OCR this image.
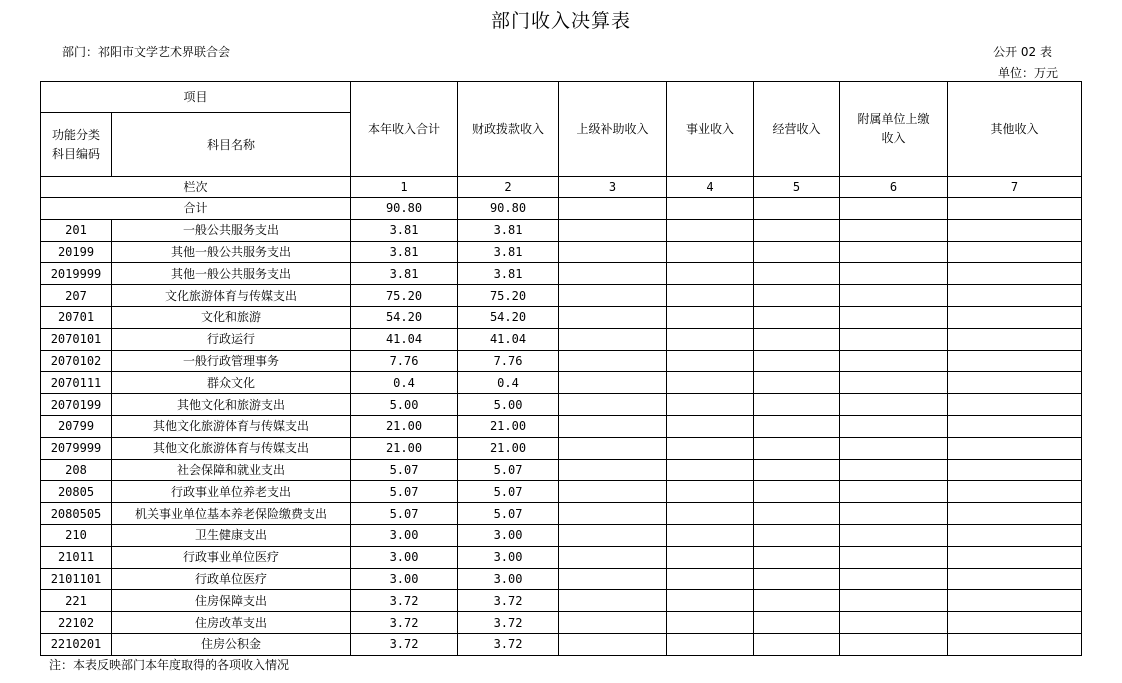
部门收入决算表
部门：祁阳市文学艺术界联合会	公开 02 表
单位：万元
项目		本年收入合计	财政拨款收入	上级补助收入	事业收入	经营收入	附属单位上缴收入	其他收入
功能分类科目编码	科目名称							
栏次		1	2	3	4	5	6	7
合计		90.80	90.80					
201	一般公共服务支出	3.81	3.81					
20199	其他一般公共服务支出	3.81	3.81					
2019999	其他一般公共服务支出	3.81	3.81					
207	文化旅游体育与传媒支出	75.20	75.20					
20701	文化和旅游	54.20	54.20					
2070101	行政运行	41.04	41.04					
2070102	一般行政管理事务	7.76	7.76					
2070111	群众文化	0.4	0.4					
2070199	其他文化和旅游支出	5.00	5.00					
20799	其他文化旅游体育与传媒支出	21.00	21.00					
2079999	其他文化旅游体育与传媒支出	21.00	21.00					
208	社会保障和就业支出	5.07	5.07					
20805	行政事业单位养老支出	5.07	5.07					
2080505	机关事业单位基本养老保险缴费支出	5.07	5.07					
210	卫生健康支出	3.00	3.00					
21011	行政事业单位医疗	3.00	3.00					
2101101	行政单位医疗	3.00	3.00					
221	住房保障支出	3.72	3.72					
22102	住房改革支出	3.72	3.72					
2210201	住房公积金	3.72	3.72					
注：本表反映部门本年度取得的各项收入情况
